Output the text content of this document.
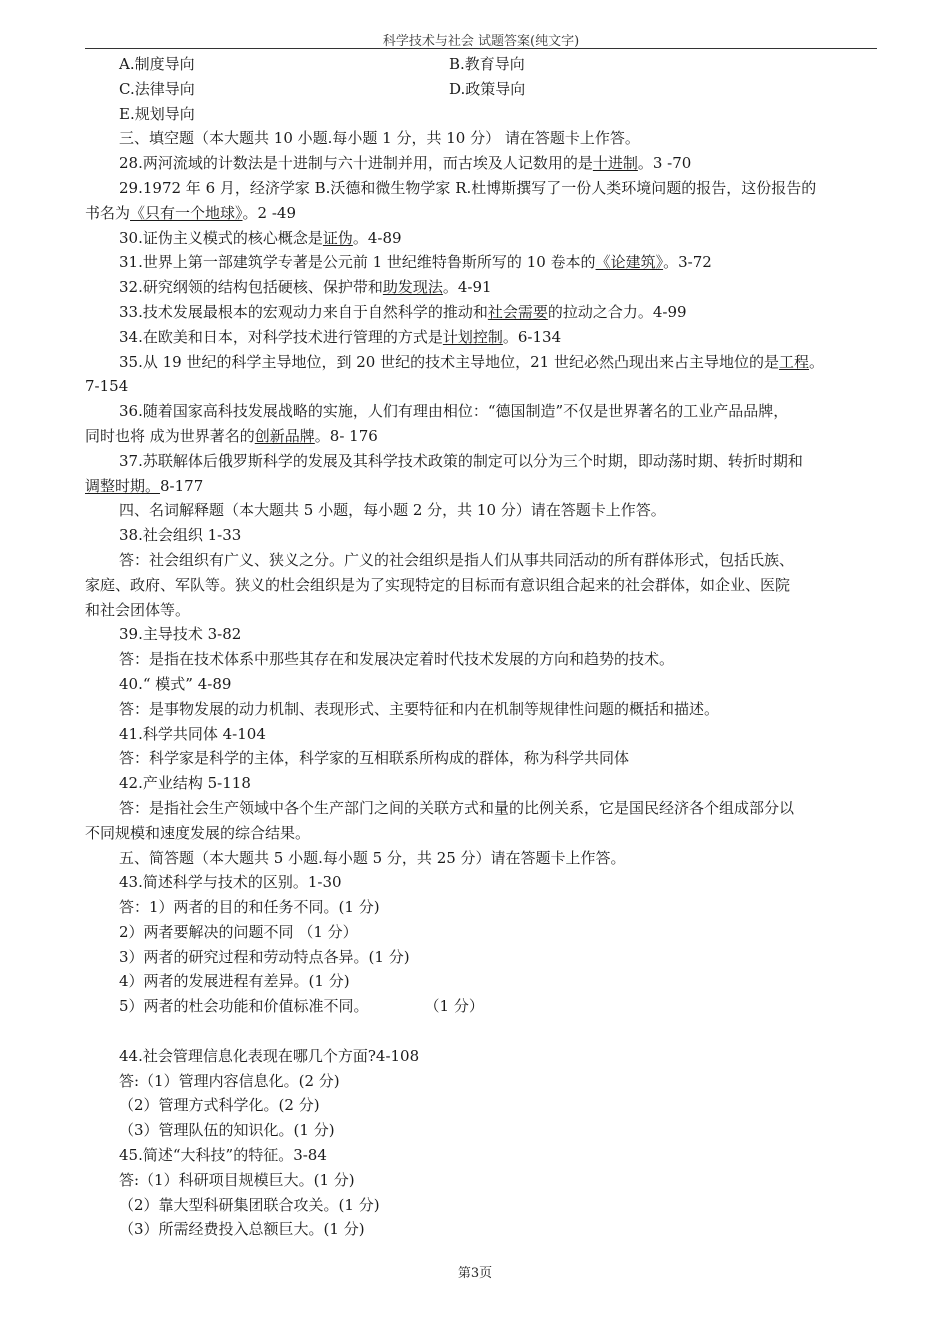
科学技术与社会 试题答案(纯文字)
A.制度导向	B.教育导向
C.法律导向	D.政策导向
E.规划导向
三、填空题（本大题共 10 小题.每小题 1 分，共 10 分） 请在答题卡上作答。
28.两河流域的计数法是十进制与六十进制并用，而古埃及人记数用的是十进制。3 -70
29.1972 年 6 月，经济学家 B.沃德和微生物学家 R.杜博斯撰写了一份人类环境问题的报告，这份报告的
书名为《只有一个地球》。2 -49
30.证伪主义模式的核心概念是证伪。4-89
31.世界上第一部建筑学专著是公元前 1 世纪维特鲁斯所写的 10 卷本的《论建筑》。3-72
32.研究纲领的结构包括硬核、保护带和助发现法。4-91
33.技术发展最根本的宏观动力来自于自然科学的推动和社会需要的拉动之合力。4-99
34.在欧美和日本，对科学技术进行管理的方式是计划控制。6-134
35.从 19 世纪的科学主导地位，到 20 世纪的技术主导地位，21 世纪必然凸现出来占主导地位的是工程。
7-154
36.随着国家高科技发展战略的实施，人们有理由相位：“德国制造”不仅是世界著名的工业产品品牌，
同时也将 成为世界著名的创新品牌。8- 176
37.苏联解体后俄罗斯科学的发展及其科学技术政策的制定可以分为三个时期，即动荡时期、转折时期和
调整时期。8-177
四、名词解释题（本大题共 5 小题，每小题 2 分，共 10 分）请在答题卡上作答。
38.社会组织 1-33
答：社会组织有广义、狭义之分。广义的社会组织是指人们从事共同活动的所有群体形式，包括氏族、
家庭、政府、军队等。狭义的杜会组织是为了实现特定的目标而有意识组合起来的社会群体，如企业、医院
和社会团体等。
39.主导技术 3-82
答：是指在技术体系中那些其存在和发展决定着时代技术发展的方向和趋势的技术。
40.“ 模式” 4-89
答：是事物发展的动力机制、表现形式、主要特征和内在机制等规律性问题的概括和描述。
41.科学共同体 4-104
答：科学家是科学的主体，科学家的互相联系所构成的群体，称为科学共同体
42.产业结构 5-118
答：是指社会生产领域中各个生产部门之间的关联方式和量的比例关系，它是国民经济各个组成部分以
不同规模和速度发展的综合结果。
五、简答题（本大题共 5 小题.每小题 5 分，共 25 分）请在答题卡上作答。
43.简述科学与技术的区别。1-30
答：1）两者的目的和任务不同。(1 分)
2）两者要解决的问题不同 （1 分）
3）两者的研究过程和劳动特点各异。(1 分)
4）两者的发展进程有差异。(1 分)
5）两者的杜会功能和价值标准不同。	（1 分）
44.社会管理信息化表现在哪几个方面?4-108
答:（1）管理内容信息化。(2 分)
（2）管理方式科学化。(2 分)
（3）管理队伍的知识化。(1 分)
45.简述“大科技”的特征。3-84
答:（1）科研项目规模巨大。(1 分)
（2）靠大型科研集团联合攻关。(1 分)
（3）所需经费投入总额巨大。(1 分)
第3页
